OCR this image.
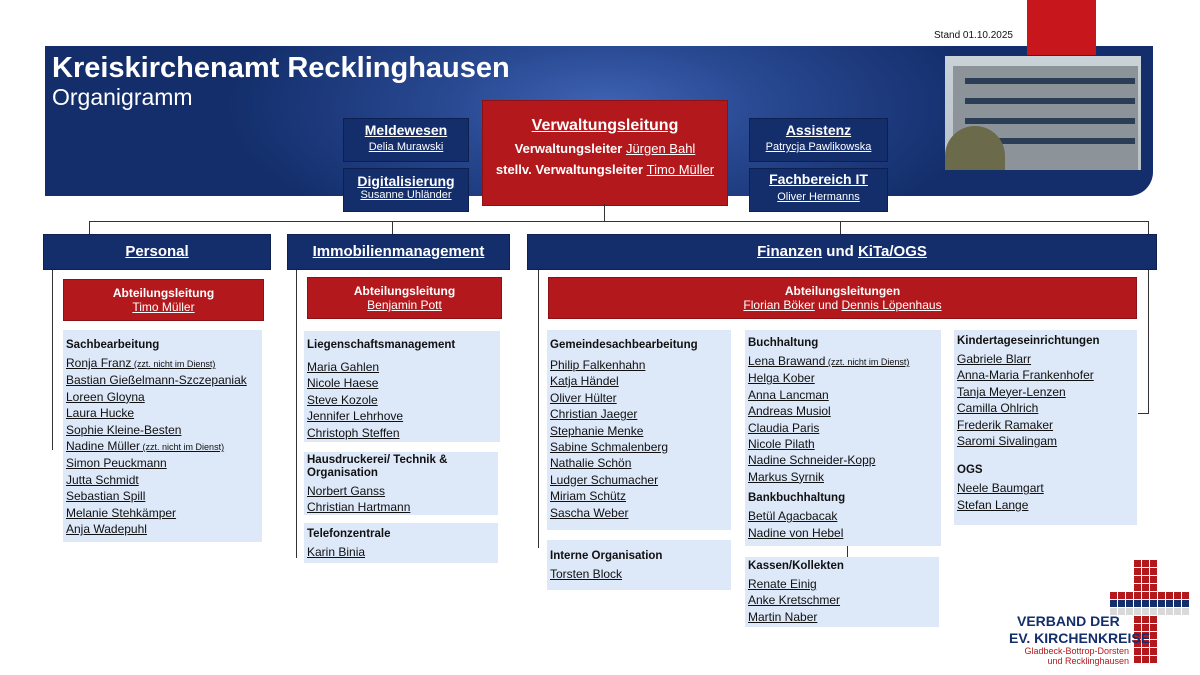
Stand 01.10.2025
Kreiskirchenamt Recklinghausen
Organigramm
Meldewesen
Delia Murawski
Digitalisierung
Susanne Uhländer
Assistenz
Patrycja Pawlikowska
Fachbereich IT
Oliver Hermanns
Verwaltungsleitung
Verwaltungsleiter Jürgen Bahl
stellv. Verwaltungsleiter Timo Müller
Personal	Immobilienmanagement	Finanzen und KiTa/OGS
Abteilungsleitung
Timo Müller
Abteilungsleitung
Benjamin Pott
Abteilungsleitungen
Florian Böker und Dennis Löpenhaus
Sachbearbeitung
Ronja Franz (zzt. nicht im Dienst)
Bastian Gießelmann-Szczepaniak
Loreen Gloyna
Laura Hucke
Sophie Kleine-Besten
Nadine Müller (zzt. nicht im Dienst)
Simon Peuckmann
Jutta Schmidt
Sebastian Spill
Melanie Stehkämper
Anja Wadepuhl
Liegenschaftsmanagement
Maria Gahlen
Nicole Haese
Steve Kozole
Jennifer Lehrhove
Christoph Steffen
Hausdruckerei/ Technik & Organisation
Norbert Ganss
Christian Hartmann
Telefonzentrale
Karin Binia
Gemeindesachbearbeitung
Philip Falkenhahn
Katja Händel
Oliver Hülter
Christian Jaeger
Stephanie Menke
Sabine Schmalenberg
Nathalie Schön
Ludger Schumacher
Miriam Schütz
Sascha Weber
Interne Organisation
Torsten Block
Buchhaltung
Lena Brawand (zzt. nicht im Dienst)
Helga Kober
Anna Lancman
Andreas Musiol
Claudia Paris
Nicole Pilath
Nadine Schneider-Kopp
Markus Syrnik
Bankbuchhaltung
Betül Agacbacak
Nadine von Hebel
Kassen/Kollekten
Renate Einig
Anke Kretschmer
Martin Naber
Kindertageseinrichtungen
Gabriele Blarr
Anna-Maria Frankenhofer
Tanja Meyer-Lenzen
Camilla Ohlrich
Frederik Ramaker
Saromi Sivalingam
OGS
Neele Baumgart
Stefan Lange
VERBAND DER
EV. KIRCHENKREISE
Gladbeck-Bottrop-Dorsten
und Recklinghausen
